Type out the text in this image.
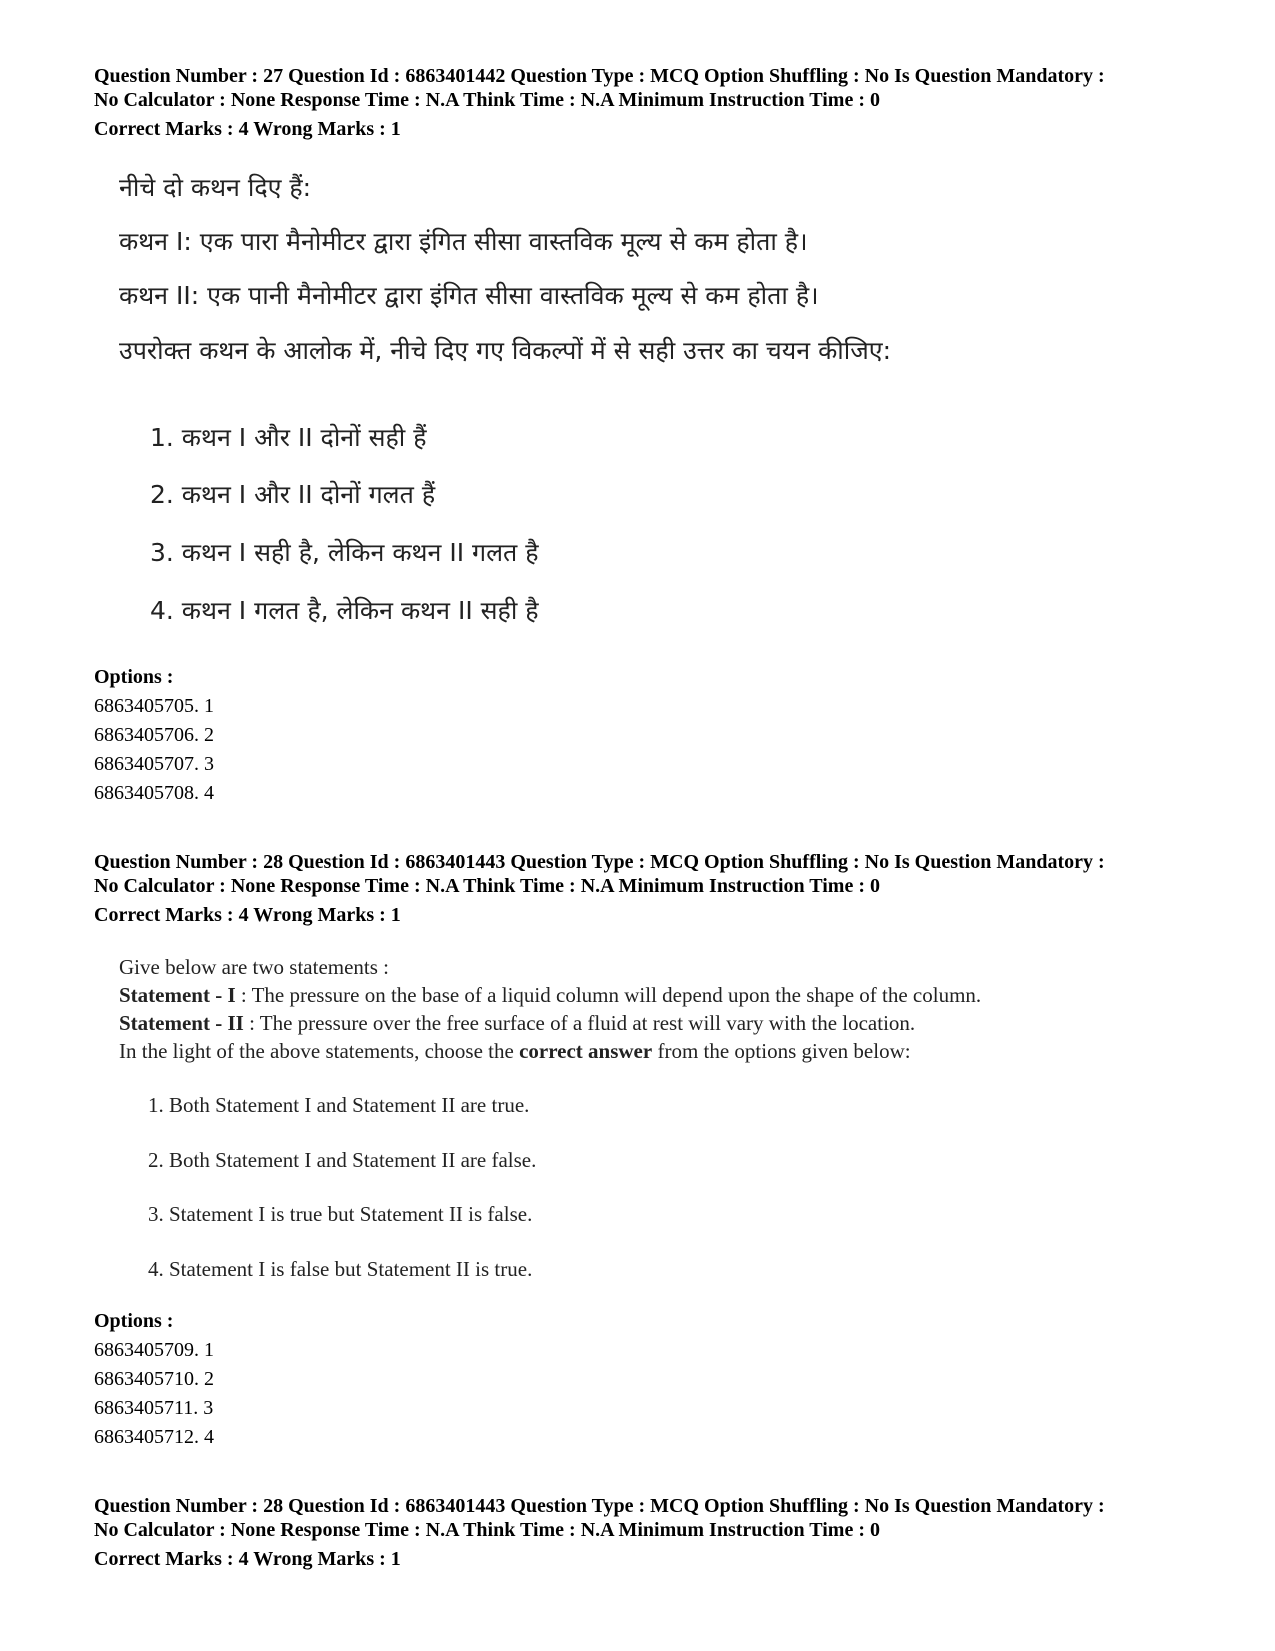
Question Number : 27 Question Id : 6863401442 Question Type : MCQ Option Shuffling : No Is Question Mandatory :
No Calculator : None Response Time : N.A Think Time : N.A Minimum Instruction Time : 0
Correct Marks : 4 Wrong Marks : 1
नीचे दो कथन दिए हैं:
कथन I: एक पारा मैनोमीटर द्वारा इंगित सीसा वास्तविक मूल्य से कम होता है।
कथन II: एक पानी मैनोमीटर द्वारा इंगित सीसा वास्तविक मूल्य से कम होता है।
उपरोक्त कथन के आलोक में, नीचे दिए गए विकल्पों में से सही उत्तर का चयन कीजिए:
1. कथन I और II दोनों सही हैं
2. कथन I और II दोनों गलत हैं
3. कथन I सही है, लेकिन कथन II गलत है
4. कथन I गलत है, लेकिन कथन II सही है
Options :
6863405705. 1
6863405706. 2
6863405707. 3
6863405708. 4
Question Number : 28 Question Id : 6863401443 Question Type : MCQ Option Shuffling : No Is Question Mandatory :
No Calculator : None Response Time : N.A Think Time : N.A Minimum Instruction Time : 0
Correct Marks : 4 Wrong Marks : 1
Give below are two statements :
Statement - I : The pressure on the base of a liquid column will depend upon the shape of the column.
Statement - II : The pressure over the free surface of a fluid at rest will vary with the location.
In the light of the above statements, choose the correct answer from the options given below:
1. Both Statement I and Statement II are true.
2. Both Statement I and Statement II are false.
3. Statement I is true but Statement II is false.
4. Statement I is false but Statement II is true.
Options :
6863405709. 1
6863405710. 2
6863405711. 3
6863405712. 4
Question Number : 28 Question Id : 6863401443 Question Type : MCQ Option Shuffling : No Is Question Mandatory :
No Calculator : None Response Time : N.A Think Time : N.A Minimum Instruction Time : 0
Correct Marks : 4 Wrong Marks : 1
